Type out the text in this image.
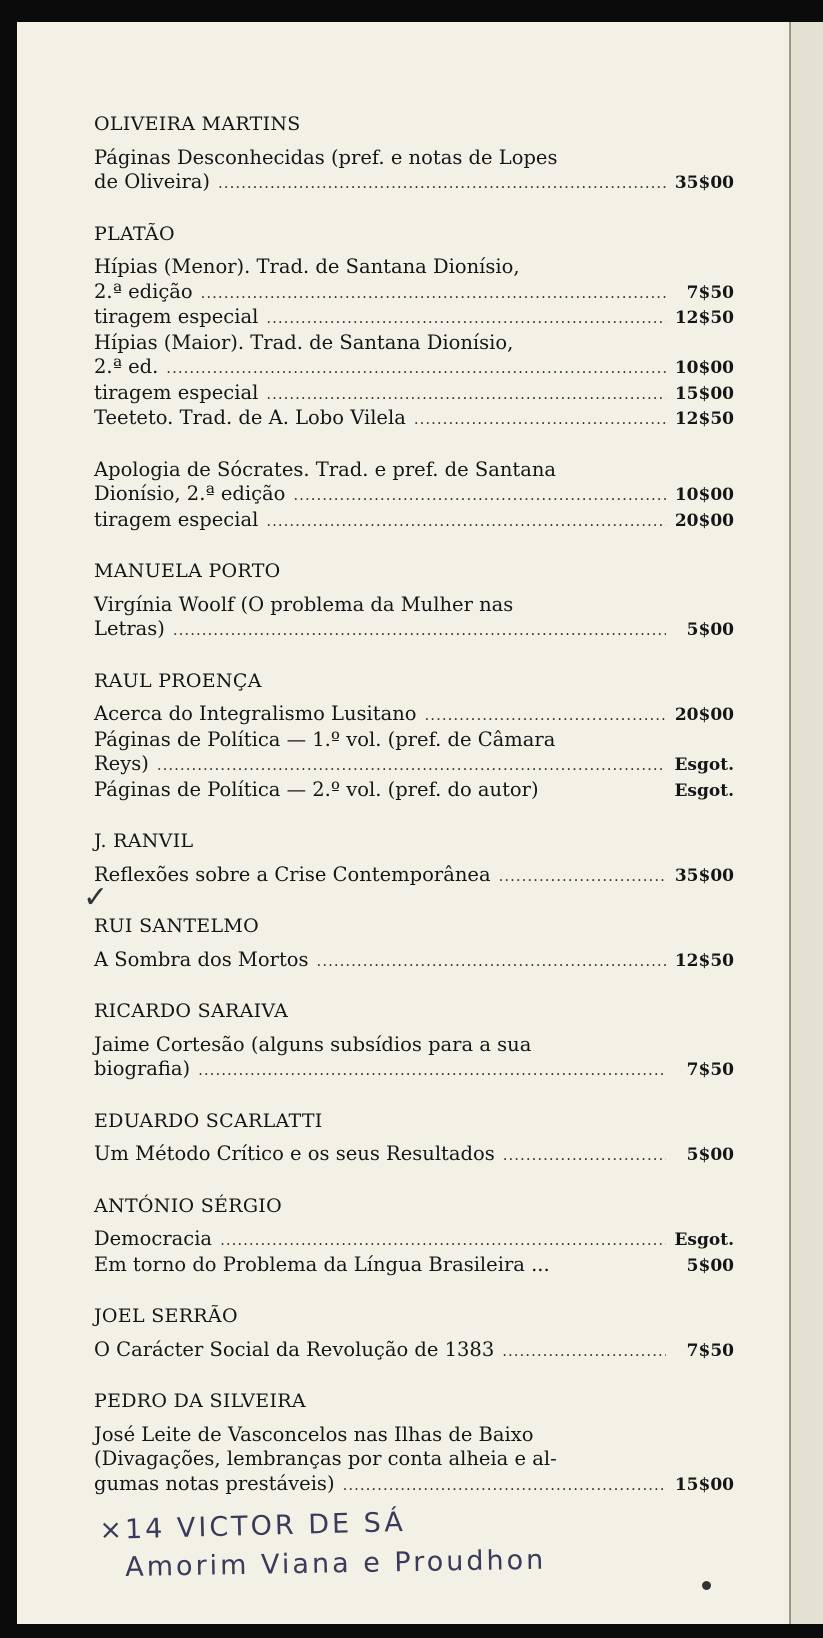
OLIVEIRA MARTINS
Páginas Desconhecidas (pref. e notas de Lopes
de Oliveira) .....	35$00
PLATÃO
Hípias (Menor). Trad. de Santana Dionísio,
2.ª edição .....	7$50
tiragem especial .....	12$50
Hípias (Maior). Trad. de Santana Dionísio,
2.ª ed. .....	10$00
tiragem especial .....	15$00
Teeteto. Trad. de A. Lobo Vilela .....	12$50
Apologia de Sócrates. Trad. e pref. de Santana
Dionísio, 2.ª edição .....	10$00
tiragem especial .....	20$00
MANUELA PORTO
Virgínia Woolf (O problema da Mulher nas
Letras) .....	5$00
RAUL PROENÇA
Acerca do Integralismo Lusitano .....	20$00
Páginas de Política — 1.º vol. (pref. de Câmara
Reys) .....	Esgot.
Páginas de Política — 2.º vol. (pref. do autor)	Esgot.
J. RANVIL
Reflexões sobre a Crise Contemporânea .....	35$00
RUI SANTELMO
A Sombra dos Mortos .....	12$50
RICARDO SARAIVA
Jaime Cortesão (alguns subsídios para a sua
biografia) .....	7$50
EDUARDO SCARLATTI
Um Método Crítico e os seus Resultados .....	5$00
ANTÓNIO SÉRGIO
Democracia .....	Esgot.
Em torno do Problema da Língua Brasileira ...	5$00
JOEL SERRÃO
O Carácter Social da Revolução de 1383 .....	7$50
PEDRO DA SILVEIRA
José Leite de Vasconcelos nas Ilhas de Baixo
(Divagações, lembranças por conta alheia e al-
gumas notas prestáveis) .....	15$00
✓
×14 VICTOR DE SÁ
Amorim Viana e Proudhon
